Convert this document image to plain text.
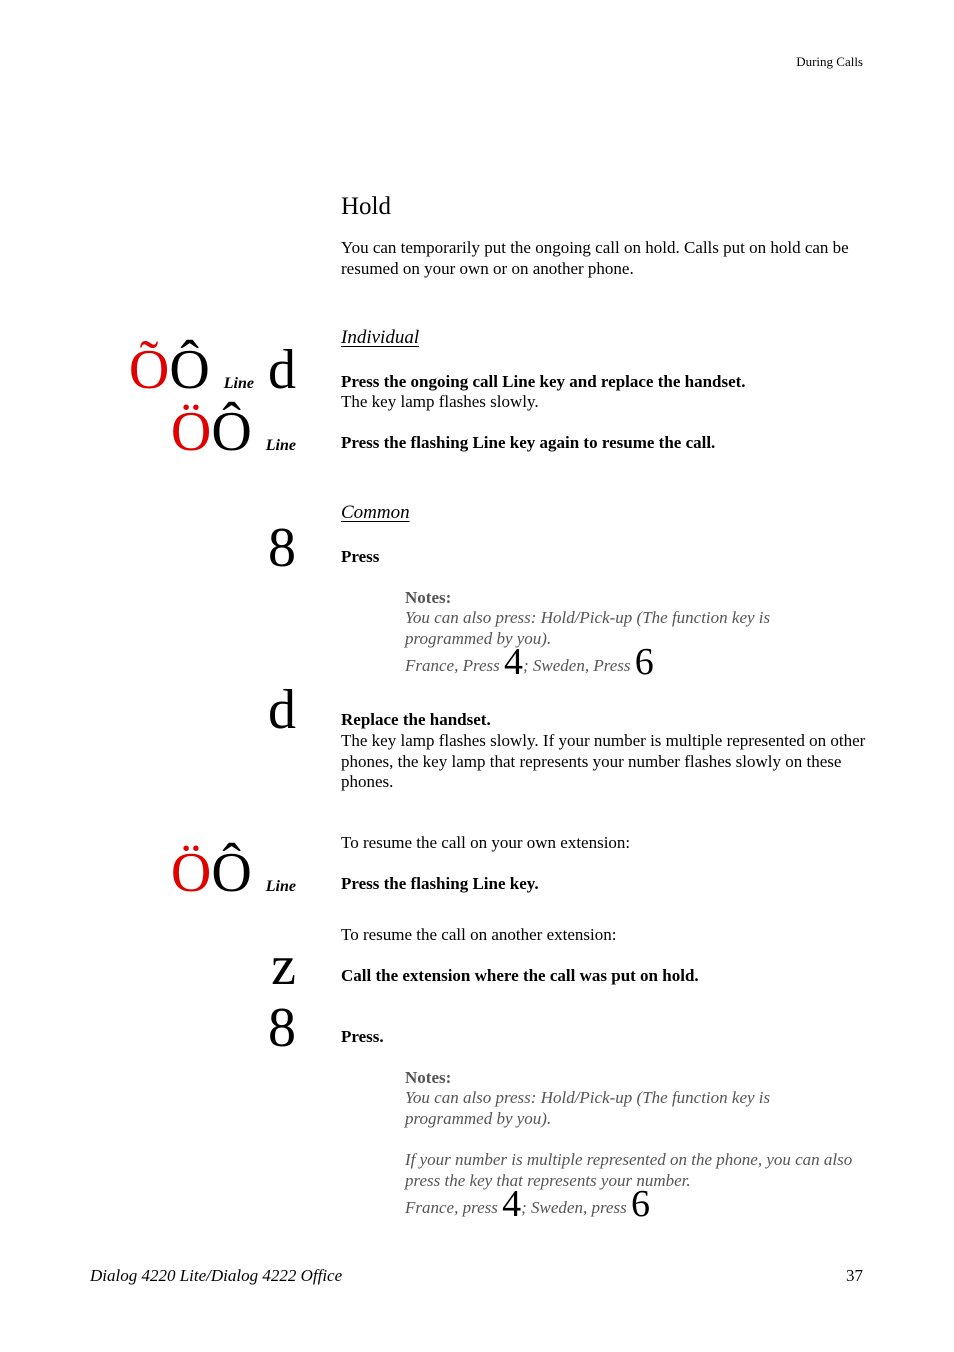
During Calls
Hold
You can temporarily put the ongoing call on hold. Calls put on hold can be resumed on your own or on another phone.
Individual
ÕÔ Line d	Press the ongoing call Line key and replace the handset.
The key lamp flashes slowly.
ÖÔ Line	Press the flashing Line key again to resume the call.
Common
8	Press
Notes:
You can also press: Hold/Pick-up (The function key is programmed by you).
France, Press 4; Sweden, Press 6
d	Replace the handset.
The key lamp flashes slowly. If your number is multiple represented on other phones, the key lamp that represents your number flashes slowly on these phones.
To resume the call on your own extension:
ÖÔ Line	Press the flashing Line key.
To resume the call on another extension:
z	Call the extension where the call was put on hold.
8	Press.
Notes:
You can also press: Hold/Pick-up (The function key is programmed by you).
If your number is multiple represented on the phone, you can also press the key that represents your number.
France, press 4; Sweden, press 6
Dialog 4220 Lite/Dialog 4222 Office	37
